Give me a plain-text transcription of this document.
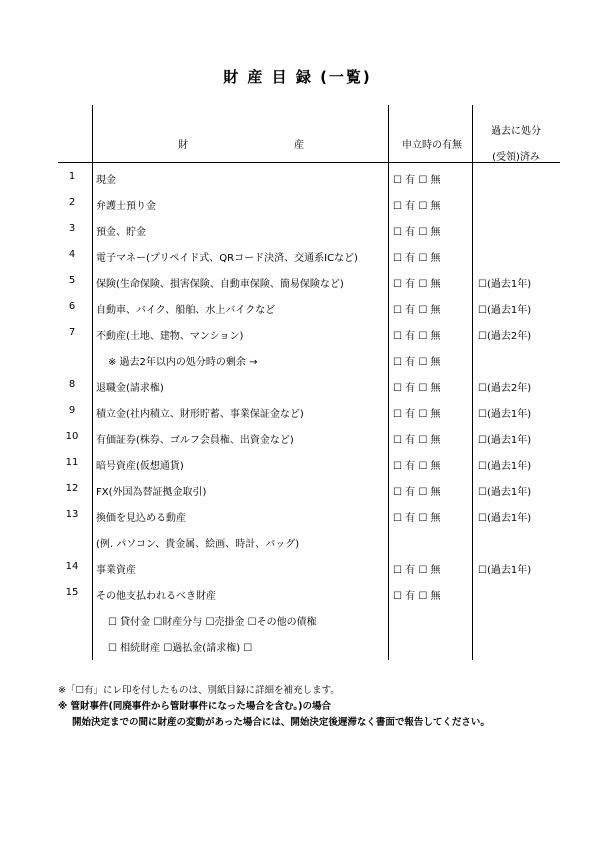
財 産 目 録 (一覧)
財	産	申立時の有無
過去に処分
(受領)済み
1	現金	☐ 有 ☐ 無
2	弁護士預り金	☐ 有 ☐ 無
3	預金、貯金	☐ 有 ☐ 無
4	電子マネー(プリペイド式、QRコード決済、交通系ICなど)	☐ 有 ☐ 無
5	保険(生命保険、損害保険、自動車保険、簡易保険など)	☐ 有 ☐ 無	☐(過去1年)
6	自動車、バイク、船舶、水上バイクなど	☐ 有 ☐ 無	☐(過去1年)
7	不動産(土地、建物、マンション)	☐ 有 ☐ 無	☐(過去2年)
※ 過去2年以内の処分時の剰余 →	☐ 有 ☐ 無
8	退職金(請求権)	☐ 有 ☐ 無	☐(過去2年)
9	積立金(社内積立、財形貯蓄、事業保証金など)	☐ 有 ☐ 無	☐(過去1年)
10	有価証券(株券、ゴルフ会員権、出資金など)	☐ 有 ☐ 無	☐(過去1年)
11	暗号資産(仮想通貨)	☐ 有 ☐ 無	☐(過去1年)
12	FX(外国為替証拠金取引)	☐ 有 ☐ 無	☐(過去1年)
13	換価を見込める動産	☐ 有 ☐ 無	☐(過去1年)
(例. パソコン、貴金属、絵画、時計、バッグ)
14	事業資産	☐ 有 ☐ 無	☐(過去1年)
15	その他支払われるべき財産	☐ 有 ☐ 無
☐ 貸付金 ☐財産分与 ☐売掛金 ☐その他の債権
☐ 相続財産 ☐過払金(請求権) ☐
※「☐有」にレ印を付したものは、別紙目録に詳細を補充します。
※ 管財事件(同廃事件から管財事件になった場合を含む。)の場合
開始決定までの間に財産の変動があった場合には、開始決定後遅滞なく書面で報告してください。
